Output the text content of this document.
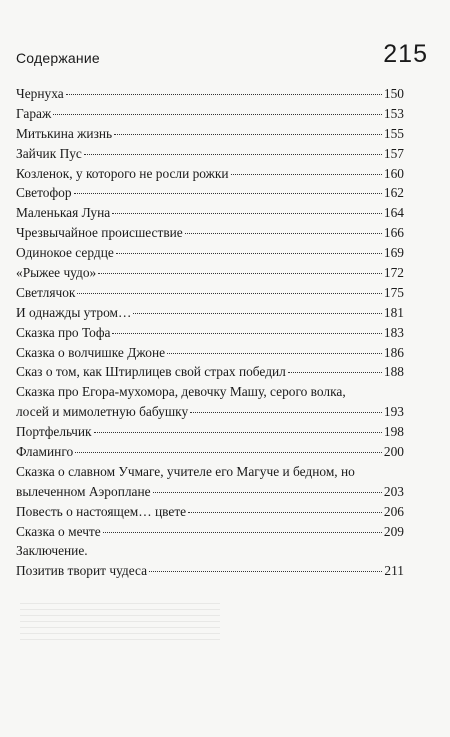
Содержание	215
Чернуха	150
Гараж	153
Митькина жизнь	155
Зайчик Пус	157
Козленок, у которого не росли рожки	160
Светофор	162
Маленькая Луна	164
Чрезвычайное происшествие	166
Одинокое сердце	169
«Рыжее чудо»	172
Светлячок	175
И однажды утром…	181
Сказка про Тофа	183
Сказка о волчишке Джоне	186
Сказ о том, как Штирлицев свой страх победил	188
Сказка про Егора-мухомора, девочку Машу, серого волка,
лосей и мимолетную бабушку	193
Портфельчик	198
Фламинго	200
Сказка о славном Учмаге, учителе его Магуче и бедном, но
вылеченном Аэроплане	203
Повесть о настоящем… цвете	206
Сказка о мечте	209
Заключение.
Позитив творит чудеса	211
